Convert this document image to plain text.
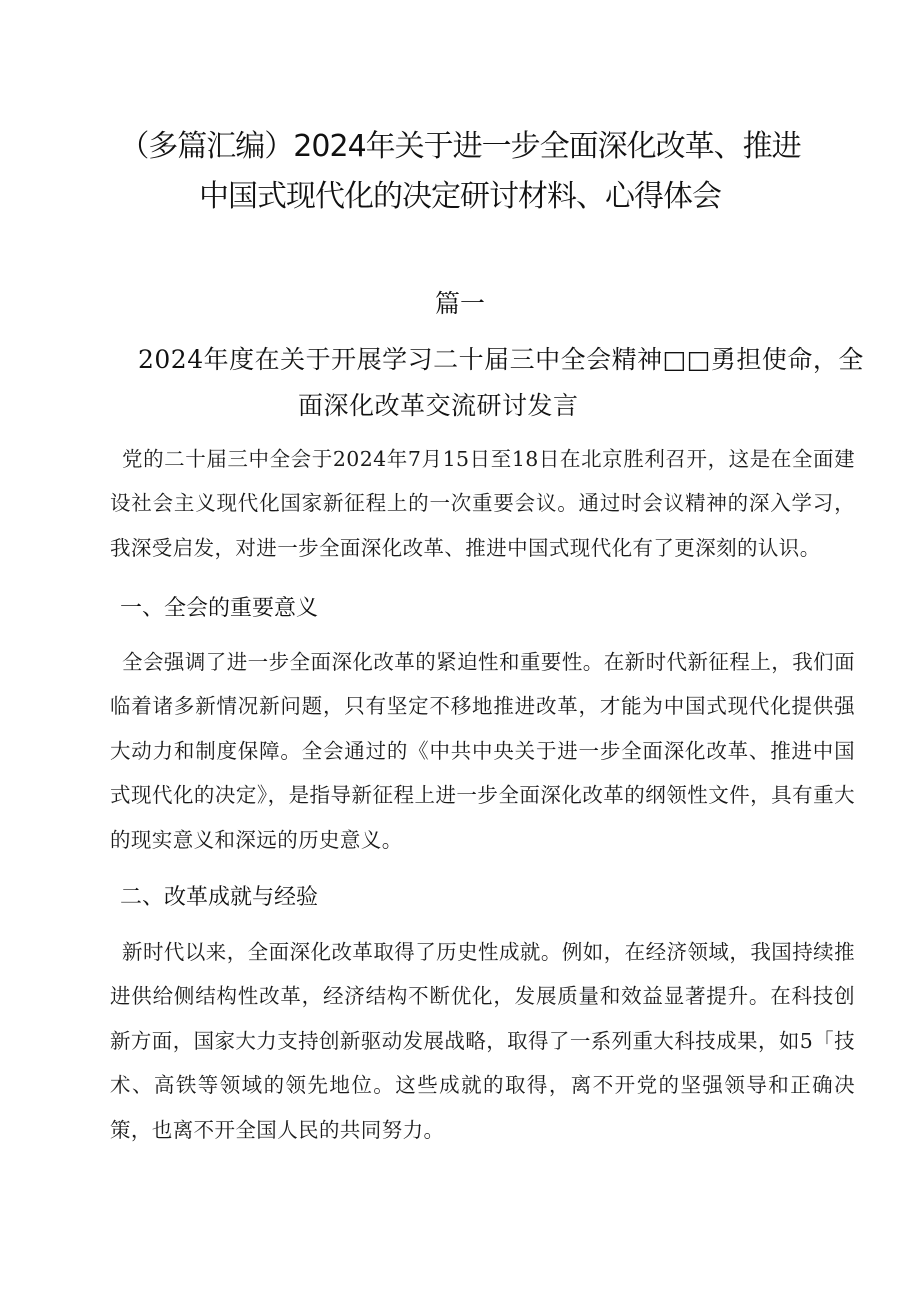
（多篇汇编）2024年关于进一步全面深化改革、推进
中国式现代化的决定研讨材料、心得体会
篇一
2024年度在关于开展学习二十届三中全会精神□□勇担使命，全
面深化改革交流研讨发言

党的二十届三中全会于2024年7月15日至18日在北京胜利召开，这是在全面建设社会主义现代化国家新征程上的一次重要会议。通过时会议精神的深入学习，我深受启发，对进一步全面深化改革、推进中国式现代化有了更深刻的认识。

一、全会的重要意义

全会强调了进一步全面深化改革的紧迫性和重要性。在新时代新征程上，我们面临着诸多新情况新问题，只有坚定不移地推进改革，才能为中国式现代化提供强大动力和制度保障。全会通过的《中共中央关于进一步全面深化改革、推进中国式现代化的决定》，是指导新征程上进一步全面深化改革的纲领性文件，具有重大的现实意义和深远的历史意义。

二、改革成就与经验

新时代以来，全面深化改革取得了历史性成就。例如，在经济领域，我国持续推进供给侧结构性改革，经济结构不断优化，发展质量和效益显著提升。在科技创新方面，国家大力支持创新驱动发展战略，取得了一系列重大科技成果，如5「技术、高铁等领域的领先地位。这些成就的取得，离不开党的坚强领导和正确决策，也离不开全国人民的共同努力。
